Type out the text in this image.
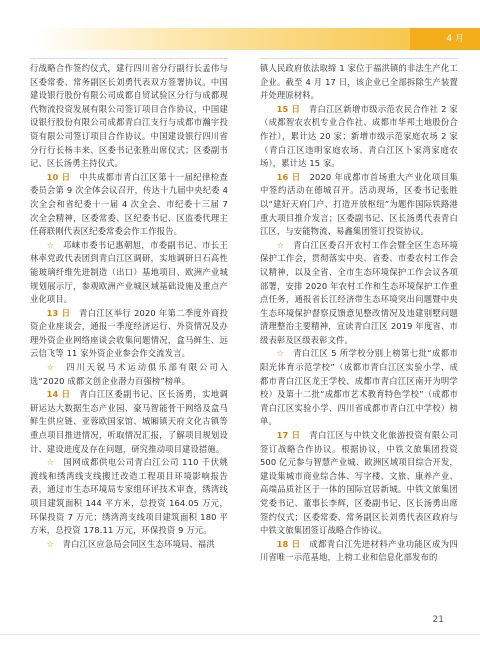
4 月

行战略合作签约仪式，建行四川省分行副行长孟伟与区委常委、常务副区长刘勇代表双方签署协议。中国建设银行股份有限公司成都自贸试验区分行与成都现代物流投资发展有限公司签订项目合作协议，中国建设银行股份有限公司成都青白江支行与成都市瀚宇投资有限公司签订项目合作协议。中国建设银行四川省分行行长杨丰来、区委书记张胜出席仪式；区委副书记、区长汤勇主持仪式。

10 日　 中共成都市青白江区第十一届纪律检查委员会第 9 次全体会议召开，传达十九届中央纪委 4 次全会和省纪委十一届 4 次全会、市纪委十三届 7 次全会精神，区委常委、区纪委书记、区监委代理主任蒋联刚代表区纪委常委会作工作报告。

☆　 邛崃市委书记惠朝旭，市委副书记、市长王林率党政代表团到青白江区调研，实地调研日石高性能玻璃纤维先进制造（出口）基地项目、欧洲产业城规划展示厅，参观欧洲产业城区域基础设施及重点产业化项目。

13 日　 青白江区举行 2020 年第二季度外商投资企业座谈会，通报一季度经济运行、外资情况及办理外资企业网络座谈会收集问题情况，盒马鲜生、远云信飞等 11 家外资企业参会作交流发言。

☆　 四川天锐马术运动俱乐部有限公司入选“2020 成都文创企业潜力百强榜”榜单。

14 日　 青白江区委副书记、区长汤勇，实地调研运达大数据生态产业园、豪马智能骨干网络及盒马鲜生供应链、亚蓉欧国家馆、城厢镇天府文化古镇等重点项目推进情况，听取情况汇报，了解项目规划设计、建设进度及存在问题，研究推动项目建设措施。

☆　 国网成都供电公司青白江公司 110 千伏姚渡线和绣湾线支线搬迁改造工程项目环境影响报告表，通过市生态环境局专家组环评技术审查，绣湾线项目建筑面积 144 平方米，总投资 164.05 万元，环保投资 7 万元；绣湾湾支线项目建筑面积 180 平方米，总投资 178.11 万元，环保投资 9 万元。

☆　 青白江区应急局会同区生态环境局、福洪

镇人民政府依法取缔 1 家位于福洪镇的非法生产化工企业。截至 4 月 17 日，该企业已全部拆除生产装置并处理原材料。

15 日　 青白江区新增市级示范农民合作社 2 家（成都智农农机专业合作社、成都市华邦土地股份合作社），累计达 20 家；新增市级示范家庭农场 2 家（青白江区违明家庭农场、青白江区卜家湾家庭农场），累计达 15 家。

16 日　 2020 年成都市首场重大产业化项目集中签约活动在德城召开。活动现场，区委书记张胜以“建好天府门户、打造开放枢纽”为题作国际铁路港重大项目推介发言；区委副书记、区长汤勇代表青白江区，与安能物流、易鑫集团签订投资协议。

☆　 青白江区委召开农村工作会暨全区生态环境保护工作会，贯彻落实中央、省委、市委农村工作会议精神，以及全省、全市生态环境保护工作会议各项部署，安排 2020 年农村工作和生态环境保护工作重点任务，通报省长江经济带生态环境突出问题暨中央生态环境保护督察反馈意见整改情况及违建别墅问题清理整治主要精神，宣读青白江区 2019 年度省、市级表彰及区级表彰文件。

☆　 青白江区 5 所学校分别上榜第七批“成都市阳光体育示范学校”（成都市青白江区实验小学、成都市青白江区龙王学校、成都市青白江区南开为明学校）及第十二批“成都市艺术教育特色学校”（成都市青白江区实验小学、四川省成都市青白江中学校）榜单。

17 日　 青白江区与中铁文化旅游投资有限公司签订战略合作协议。根据协议，中铁文旅集团投资 500 亿元参与智慧产业城、欧洲区域项目综合开发，建设集城市商业综合体、写字楼、文旅、康养产业、高端品质社区于一体的国际宜居新城。中铁文旅集团党委书记、董事长李辉，区委副书记、区长汤勇出席签约仪式；区委常委、常务副区长刘勇代表区政府与中铁文旅集团签订战略合作协议。

18 日　 成都青白江先进材料产业功能区成为四川省唯一示范基地，上榜工业和信息化部发布的

21
